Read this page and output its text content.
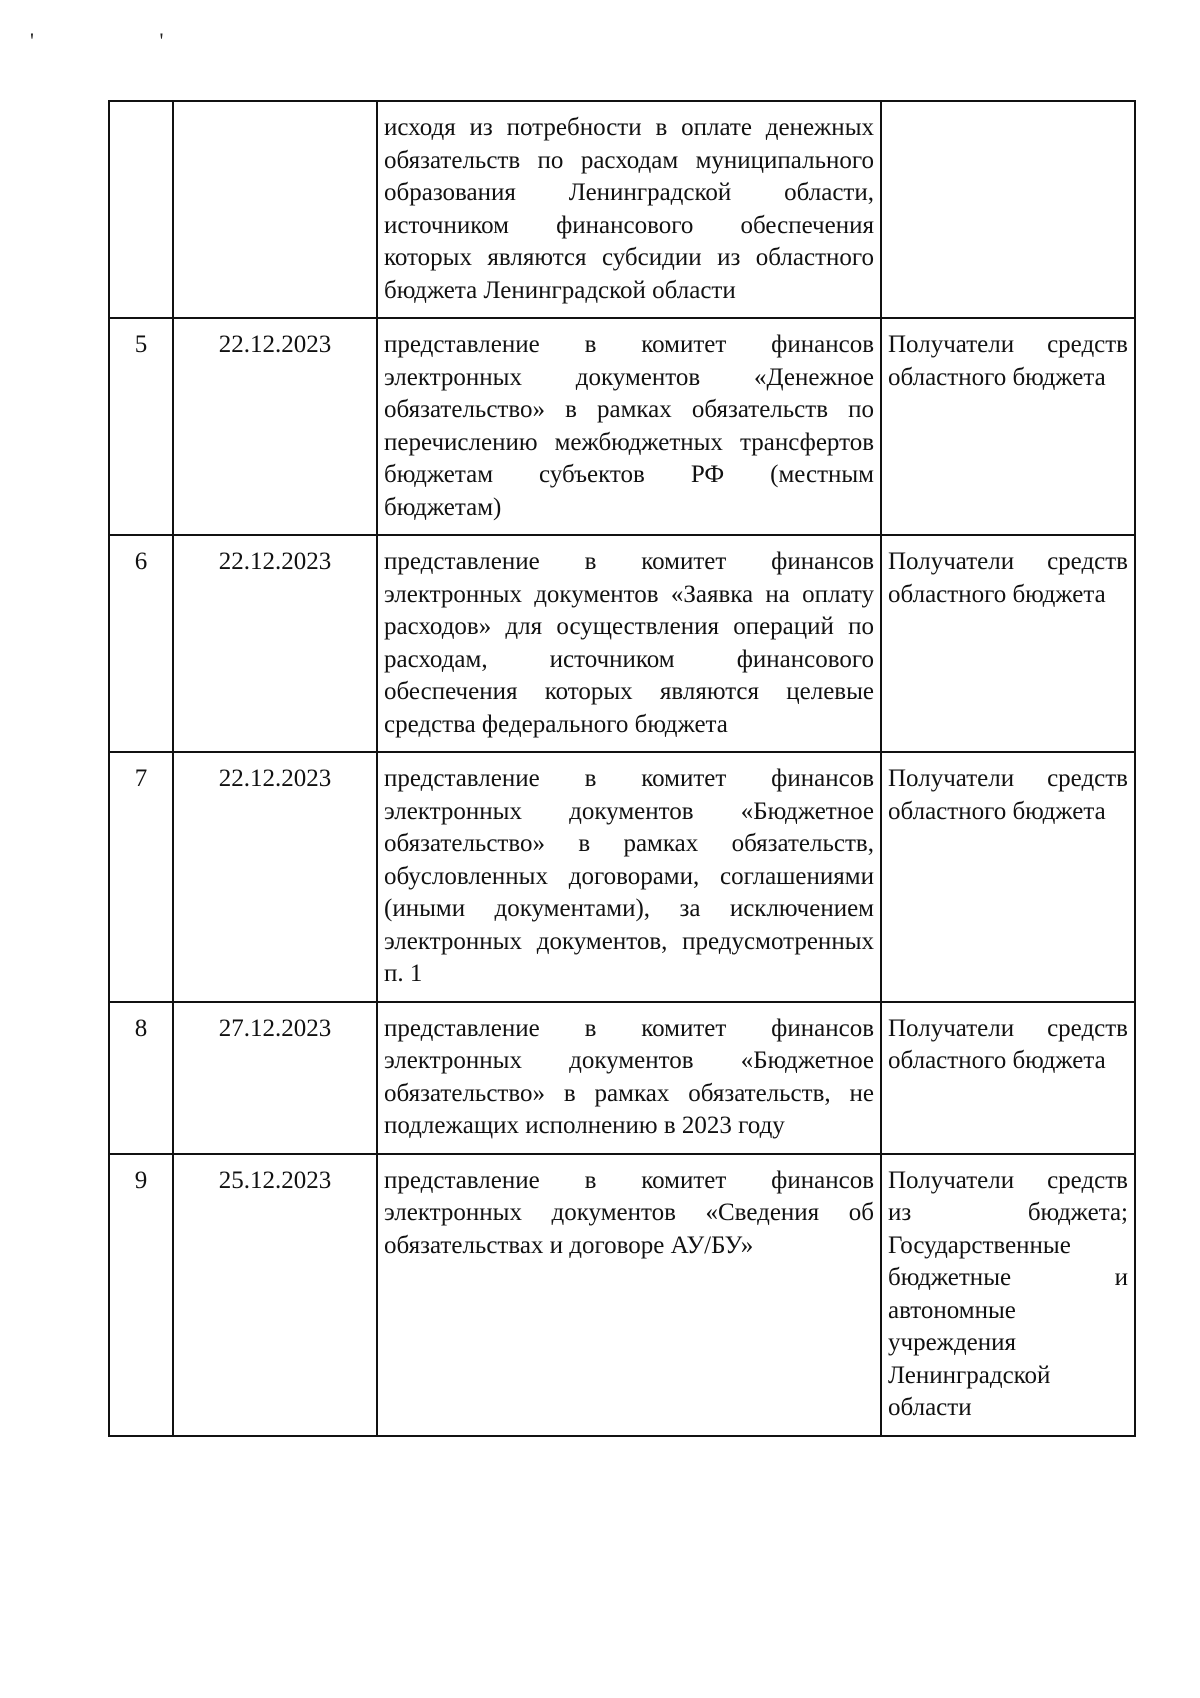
' '
		исходя из потребности в оплате денежных обязательств по расходам муниципального образования Ленинградской области, источником финансового обеспечения которых являются субсидии из областного бюджета Ленинградской области	
5	22.12.2023	представление в комитет финансов электронных документов «Денежное обязательство» в рамках обязательств по перечислению межбюджетных трансфертов бюджетам субъектов РФ (местным бюджетам)	Получатели средств областного бюджета
6	22.12.2023	представление в комитет финансов электронных документов «Заявка на оплату расходов» для осуществления операций по расходам, источником финансового обеспечения которых являются целевые средства федерального бюджета	Получатели средств областного бюджета
7	22.12.2023	представление в комитет финансов электронных документов «Бюджетное обязательство» в рамках обязательств, обусловленных договорами, соглашениями (иными документами), за исключением электронных документов, предусмотренных п. 1	Получатели средств областного бюджета
8	27.12.2023	представление в комитет финансов электронных документов «Бюджетное обязательство» в рамках обязательств, не подлежащих исполнению в 2023 году	Получатели средств областного бюджета
9	25.12.2023	представление в комитет финансов электронных документов «Сведения об обязательствах и договоре АУ/БУ»	Получатели средств из бюджета; Государственные бюджетные и автономные учреждения Ленинградской области
